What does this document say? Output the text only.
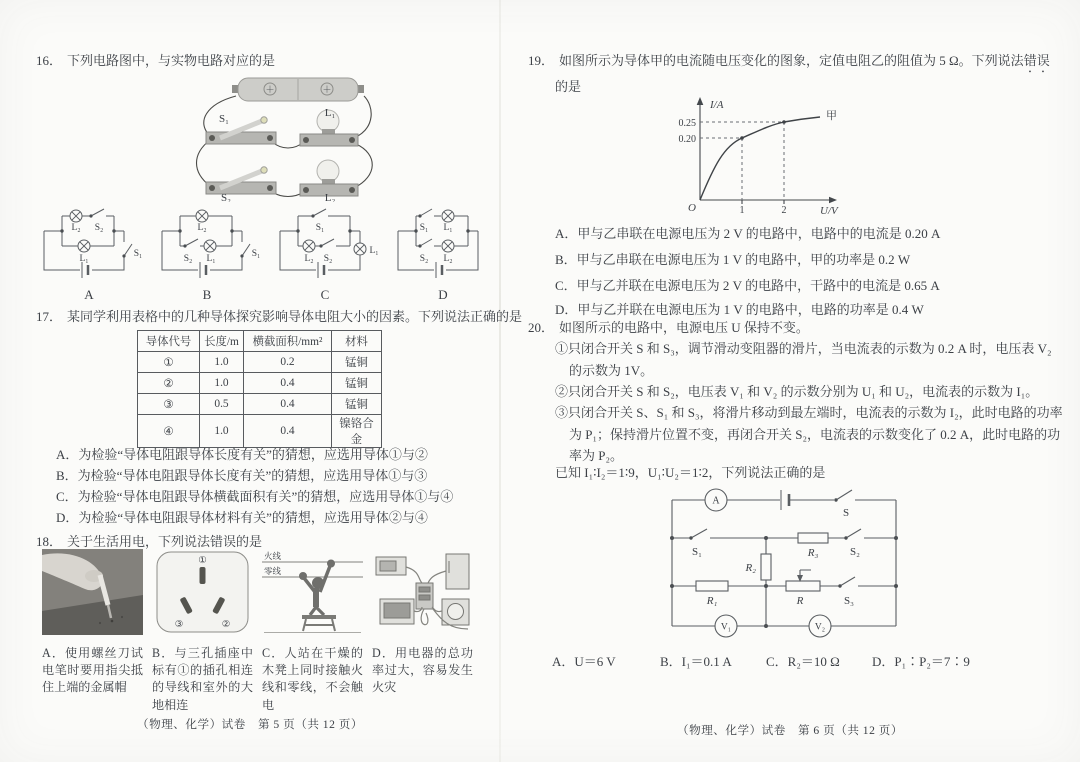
16． 下列电路图中，与实物电路对应的是
＋	＋
S₁	L₁
S₂	L₂
L₂ S₂
L₁	S₁
A
L₂
S₂ L₁	S₁
B
S₁
L₂ S₂
L₁
C
S₁ L₁
S₂ L₂
D
17． 某同学利用表格中的几种导体探究影响导体电阻大小的因素。下列说法正确的是
导体代号	长度/m	横截面积/mm²	材料
①	1.0	0.2	锰铜
②	1.0	0.4	锰铜
③	0.5	0.4	锰铜
④	1.0	0.4	镍铬合金
A．为检验“导体电阻跟导体长度有关”的猜想，应选用导体①与②
B．为检验“导体电阻跟导体长度有关”的猜想，应选用导体①与③
C．为检验“导体电阻跟导体横截面积有关”的猜想，应选用导体①与④
D．为检验“导体电阻跟导体材料有关”的猜想，应选用导体②与④
18． 关于生活用电，下列说法错误的是
A．使用螺丝刀试电笔时要用指尖抵住上端的金属帽
①
③	②
B．与三孔插座中标有①的插孔相连的导线和室外的大地相连
火线
零线
C．人站在干燥的木凳上同时接触火线和零线，不会触电
D．用电器的总功率过大，容易发生火灾
（物理、化学）试卷　第 5 页（共 12 页）
19． 如图所示为导体甲的电流随电压变化的图象，定值电阻乙的阻值为 5 Ω。下列说法错误
的是
I/A
U/V
O
0.25
0.20
1	2
甲
A．甲与乙串联在电源电压为 2 V 的电路中，电路中的电流是 0.20 A
B．甲与乙串联在电源电压为 1 V 的电路中，甲的功率是 0.2 W
C．甲与乙并联在电源电压为 2 V 的电路中，干路中的电流是 0.65 A
D．甲与乙并联在电源电压为 1 V 的电路中，电路的功率是 0.4 W
20． 如图所示的电路中，电源电压 U 保持不变。
①只闭合开关 S 和 S₃，调节滑动变阻器的滑片，当电流表的示数为 0.2 A 时，电压表 V₂ 的示数为 1V。
②只闭合开关 S 和 S₂，电压表 V₁ 和 V₂ 的示数分别为 U₁ 和 U₂，电流表的示数为 I₁。
③只闭合开关 S、S₁ 和 S₃，将滑片移动到最左端时，电流表的示数为 I₂，此时电路的功率为 P₁；保持滑片位置不变，再闭合开关 S₂，电流表的示数变化了 0.2 A，此时电路的功率为 P₂。
已知 I₁∶I₂＝1∶9，U₁∶U₂＝1∶2，下列说法正确的是
A
S
S₁	R₃	S₂
R₂
R₁	R	S₃
V₁	V₂
A．U＝6 V	B．I₁＝0.1 A	C．R₂＝10 Ω D．P₁∶P₂＝7∶9
（物理、化学）试卷　第 6 页（共 12 页）
